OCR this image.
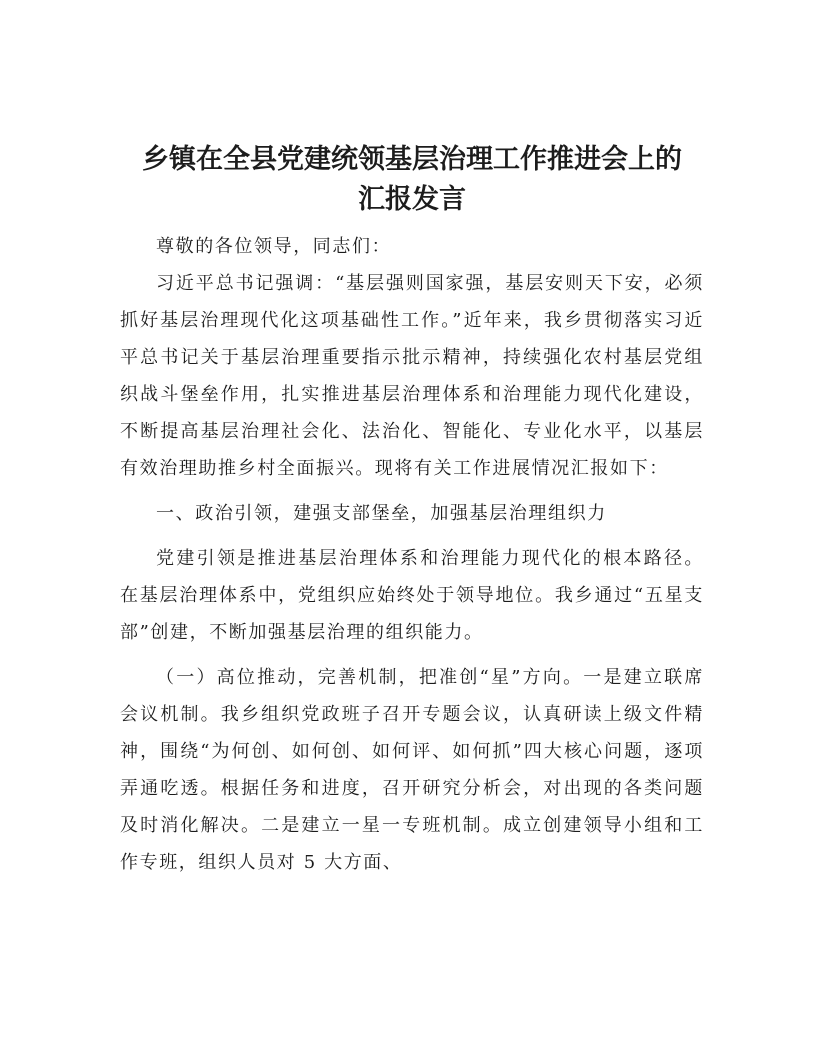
乡镇在全县党建统领基层治理工作推进会上的
汇报发言

尊敬的各位领导，同志们：

习近平总书记强调：“基层强则国家强，基层安则天下安，必须抓好基层治理现代化这项基础性工作。”近年来，我乡贯彻落实习近平总书记关于基层治理重要指示批示精神，持续强化农村基层党组织战斗堡垒作用，扎实推进基层治理体系和治理能力现代化建设，不断提高基层治理社会化、法治化、智能化、专业化水平，以基层有效治理助推乡村全面振兴。现将有关工作进展情况汇报如下：

一、政治引领，建强支部堡垒，加强基层治理组织力

党建引领是推进基层治理体系和治理能力现代化的根本路径。在基层治理体系中，党组织应始终处于领导地位。我乡通过“五星支部”创建，不断加强基层治理的组织能力。

（一）高位推动，完善机制，把准创“星”方向。一是建立联席会议机制。我乡组织党政班子召开专题会议，认真研读上级文件精神，围绕“为何创、如何创、如何评、如何抓”四大核心问题，逐项弄通吃透。根据任务和进度，召开研究分析会，对出现的各类问题及时消化解决。二是建立一星一专班机制。成立创建领导小组和工作专班，组织人员对 5 大方面、
